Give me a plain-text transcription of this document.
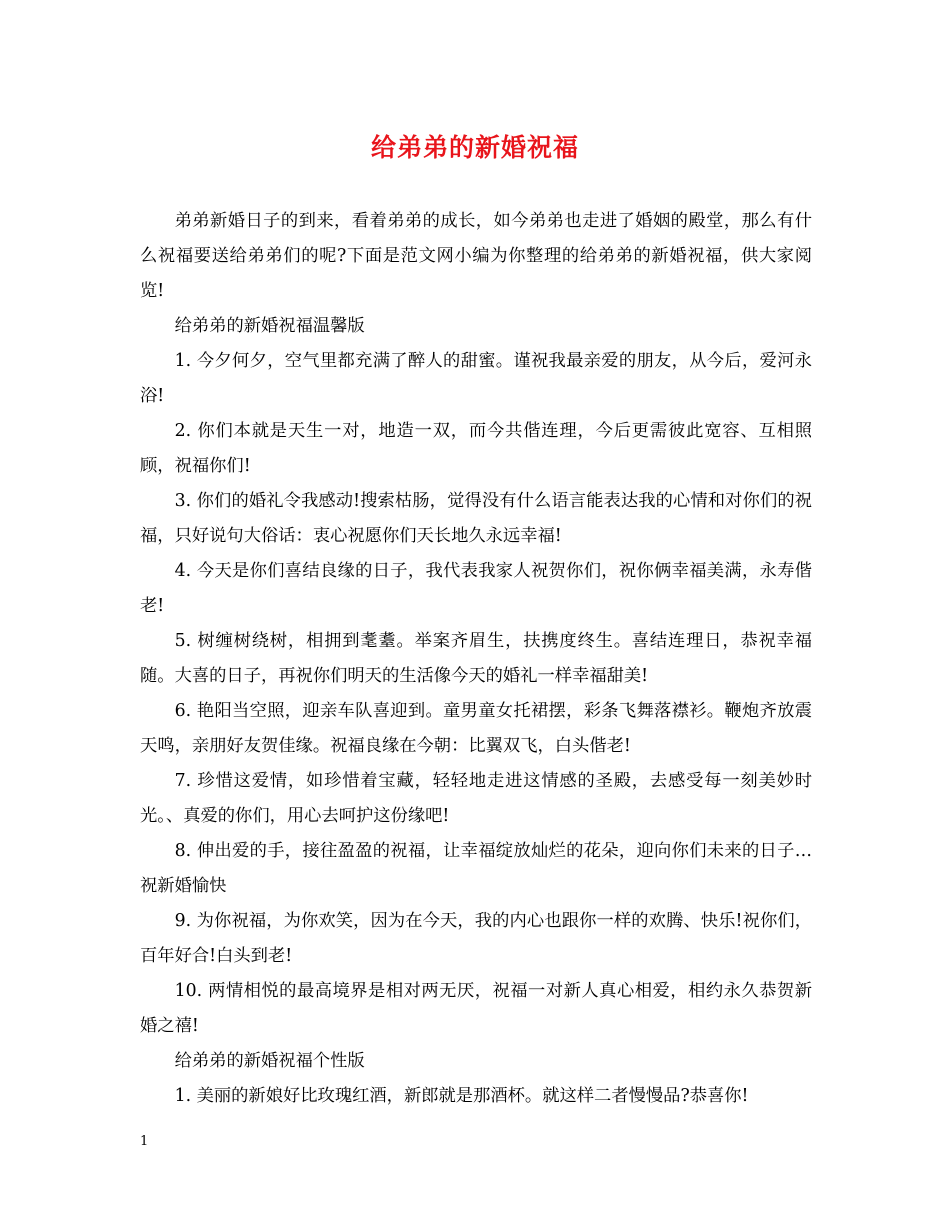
给弟弟的新婚祝福

弟弟新婚日子的到来，看着弟弟的成长，如今弟弟也走进了婚姻的殿堂，那么有什么祝福要送给弟弟们的呢?下面是范文网小编为你整理的给弟弟的新婚祝福，供大家阅览!

给弟弟的新婚祝福温馨版

1. 今夕何夕，空气里都充满了醉人的甜蜜。谨祝我最亲爱的朋友，从今后，爱河永浴!

2. 你们本就是天生一对，地造一双，而今共偕连理，今后更需彼此宽容、互相照顾，祝福你们!

3. 你们的婚礼令我感动!搜索枯肠，觉得没有什么语言能表达我的心情和对你们的祝福，只好说句大俗话：衷心祝愿你们天长地久永远幸福!

4. 今天是你们喜结良缘的日子，我代表我家人祝贺你们，祝你俩幸福美满，永寿偕老!

5. 树缠树绕树，相拥到耄耋。举案齐眉生，扶携度终生。喜结连理日，恭祝幸福随。大喜的日子，再祝你们明天的生活像今天的婚礼一样幸福甜美!

6. 艳阳当空照，迎亲车队喜迎到。童男童女托裙摆，彩条飞舞落襟衫。鞭炮齐放震天鸣，亲朋好友贺佳缘。祝福良缘在今朝：比翼双飞，白头偕老!

7. 珍惜这爱情，如珍惜着宝藏，轻轻地走进这情感的圣殿，去感受每一刻美妙时光。、真爱的你们，用心去呵护这份缘吧!

8. 伸出爱的手，接往盈盈的祝福，让幸福绽放灿烂的花朵，迎向你们未来的日子…祝新婚愉快

9. 为你祝福，为你欢笑，因为在今天，我的内心也跟你一样的欢腾、快乐!祝你们，百年好合!白头到老!

10. 两情相悦的最高境界是相对两无厌，祝福一对新人真心相爱，相约永久恭贺新婚之禧!

给弟弟的新婚祝福个性版

1. 美丽的新娘好比玫瑰红酒，新郎就是那酒杯。就这样二者慢慢品?恭喜你!

1
